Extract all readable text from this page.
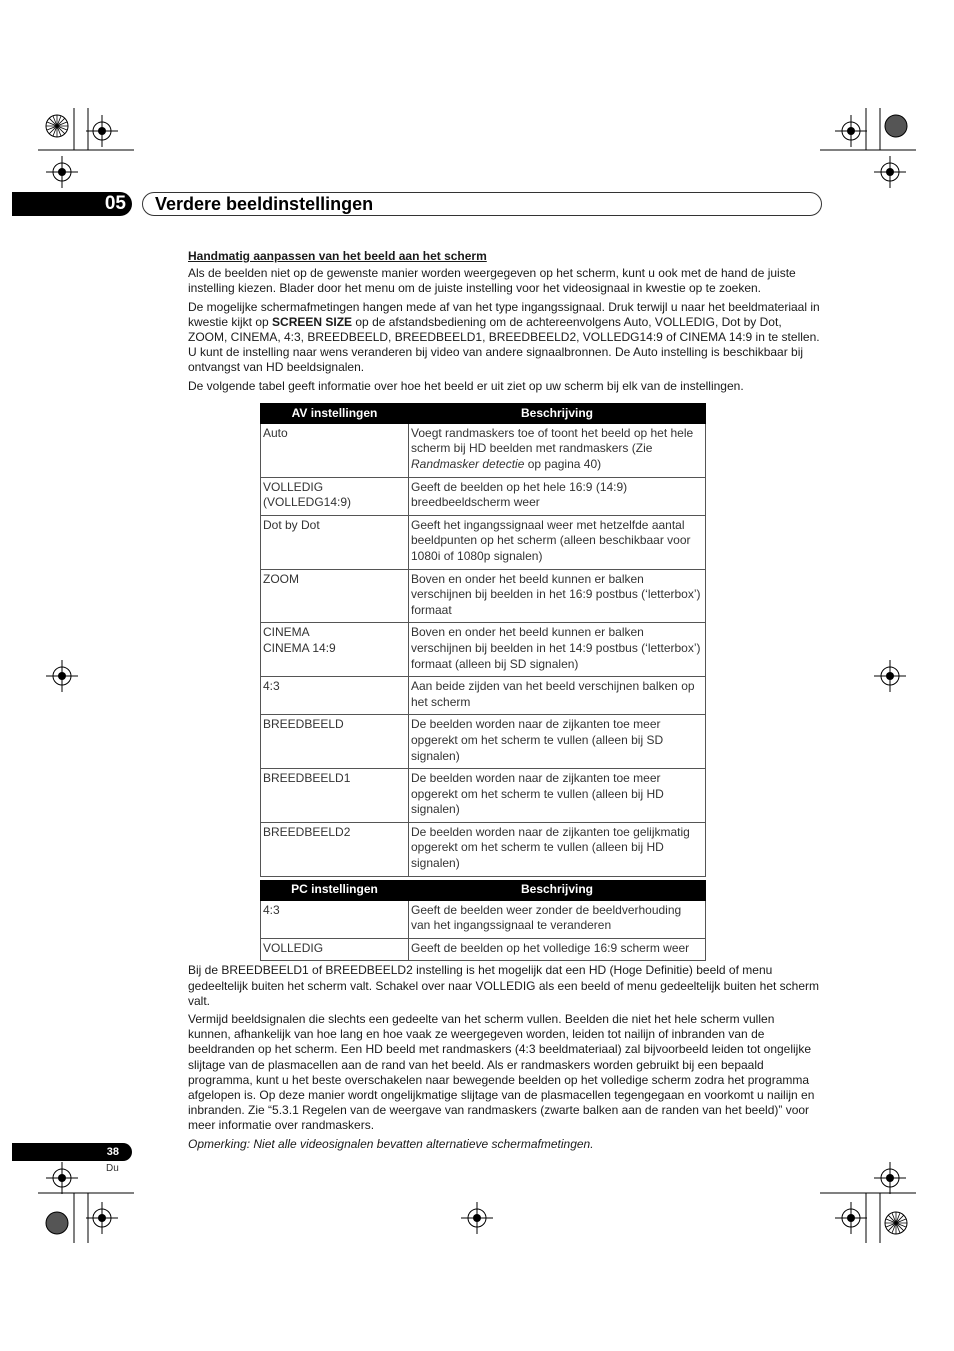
05	Verdere beeldinstellingen
Handmatig aanpassen van het beeld aan het scherm

Als de beelden niet op de gewenste manier worden weergegeven op het scherm, kunt u ook met de hand de juiste instelling kiezen. Blader door het menu om de juiste instelling voor het videosignaal in kwestie op te zoeken.

De mogelijke schermafmetingen hangen mede af van het type ingangssignaal. Druk terwijl u naar het beeldmateriaal in kwestie kijkt op SCREEN SIZE op de afstandsbediening om de achtereenvolgens Auto, VOLLEDIG, Dot by Dot, ZOOM, CINEMA, 4:3, BREEDBEELD, BREEDBEELD1, BREEDBEELD2, VOLLEDG14:9 of CINEMA 14:9 in te stellen. U kunt de instelling naar wens veranderen bij video van andere signaalbronnen. De Auto instelling is beschikbaar bij ontvangst van HD beeldsignalen.

De volgende tabel geeft informatie over hoe het beeld er uit ziet op uw scherm bij elk van de instellingen.

AV instellingen	Beschrijving
Auto	Voegt randmaskers toe of toont het beeld op het hele scherm bij HD beelden met randmaskers (Zie Randmasker detectie op pagina 40)
VOLLEDIG
(VOLLEDG14:9)	Geeft de beelden op het hele 16:9 (14:9) breedbeeldscherm weer
Dot by Dot	Geeft het ingangssignaal weer met hetzelfde aantal beeldpunten op het scherm (alleen beschikbaar voor 1080i of 1080p signalen)
ZOOM	Boven en onder het beeld kunnen er balken verschijnen bij beelden in het 16:9 postbus (‘letterbox’) formaat
CINEMA
CINEMA 14:9	Boven en onder het beeld kunnen er balken verschijnen bij beelden in het 14:9 postbus (‘letterbox’) formaat (alleen bij SD signalen)
4:3	Aan beide zijden van het beeld verschijnen balken op het scherm
BREEDBEELD	De beelden worden naar de zijkanten toe meer opgerekt om het scherm te vullen (alleen bij SD signalen)
BREEDBEELD1	De beelden worden naar de zijkanten toe meer opgerekt om het scherm te vullen (alleen bij HD signalen)
BREEDBEELD2	De beelden worden naar de zijkanten toe gelijkmatig opgerekt om het scherm te vullen (alleen bij HD signalen)

PC instellingen	Beschrijving
4:3	Geeft de beelden weer zonder de beeldverhouding van het ingangssignaal te veranderen
VOLLEDIG	Geeft de beelden op het volledige 16:9 scherm weer

Bij de BREEDBEELD1 of BREEDBEELD2 instelling is het mogelijk dat een HD (Hoge Definitie) beeld of menu gedeeltelijk buiten het scherm valt. Schakel over naar VOLLEDIG als een beeld of menu gedeeltelijk buiten het scherm valt.

Vermijd beeldsignalen die slechts een gedeelte van het scherm vullen. Beelden die niet het hele scherm vullen kunnen, afhankelijk van hoe lang en hoe vaak ze weergegeven worden, leiden tot nailijn of inbranden van de beeldranden op het scherm. Een HD beeld met randmaskers (4:3 beeldmateriaal) zal bijvoorbeeld leiden tot ongelijke slijtage van de plasmacellen aan de rand van het beeld. Als er randmaskers worden gebruikt bij een bepaald programma, kunt u het beste overschakelen naar bewegende beelden op het volledige scherm zodra het programma afgelopen is. Op deze manier wordt ongelijkmatige slijtage van de plasmacellen tegengegaan en voorkomt u nailijn en inbranden. Zie “5.3.1 Regelen van de weergave van randmaskers (zwarte balken aan de randen van het beeld)” voor meer informatie over randmaskers.

Opmerking: Niet alle videosignalen bevatten alternatieve schermafmetingen.

38
Du
